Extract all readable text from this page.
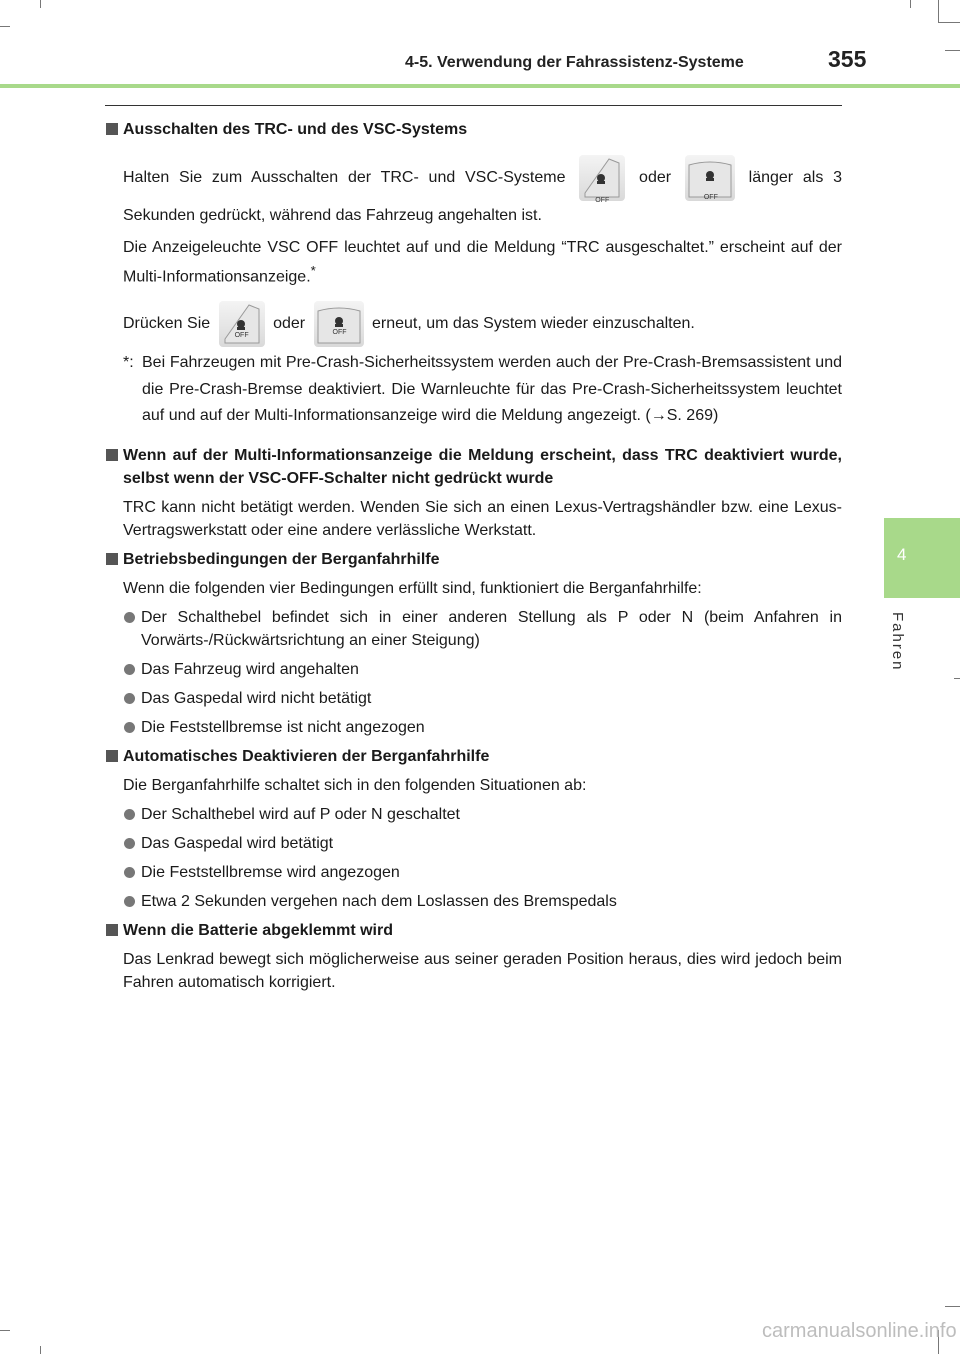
4-5. Verwendung der Fahrassistenz-Systeme	355
4
Fahren

Ausschalten des TRC- und des VSC-Systems

Halten Sie zum Ausschalten der TRC- und VSC-Systeme
OFF
oder
OFF
länger als 3 Sekunden gedrückt, während das Fahrzeug angehalten ist.

Die Anzeigeleuchte VSC OFF leuchtet auf und die Meldung “TRC ausgeschaltet.” erscheint auf der Multi-Informationsanzeige.*

Drücken Sie
OFF
oder
OFF
erneut, um das System wieder einzuschalten.

*: Bei Fahrzeugen mit Pre-Crash-Sicherheitssystem werden auch der Pre-Crash-Bremsassistent und die Pre-Crash-Bremse deaktiviert. Die Warnleuchte für das Pre-Crash-Sicherheitssystem leuchtet auf und auf der Multi-Informationsanzeige wird die Meldung angezeigt. (→S. 269)

Wenn auf der Multi-Informationsanzeige die Meldung erscheint, dass TRC deaktiviert wurde, selbst wenn der VSC-OFF-Schalter nicht gedrückt wurde

TRC kann nicht betätigt werden. Wenden Sie sich an einen Lexus-Vertragshändler bzw. eine Lexus-Vertragswerkstatt oder eine andere verlässliche Werkstatt.

Betriebsbedingungen der Berganfahrhilfe

Wenn die folgenden vier Bedingungen erfüllt sind, funktioniert die Berganfahrhilfe:

Der Schalthebel befindet sich in einer anderen Stellung als P oder N (beim Anfahren in Vorwärts-/Rückwärtsrichtung an einer Steigung)

Das Fahrzeug wird angehalten

Das Gaspedal wird nicht betätigt

Die Feststellbremse ist nicht angezogen

Automatisches Deaktivieren der Berganfahrhilfe

Die Berganfahrhilfe schaltet sich in den folgenden Situationen ab:

Der Schalthebel wird auf P oder N geschaltet

Das Gaspedal wird betätigt

Die Feststellbremse wird angezogen

Etwa 2 Sekunden vergehen nach dem Loslassen des Bremspedals

Wenn die Batterie abgeklemmt wird

Das Lenkrad bewegt sich möglicherweise aus seiner geraden Position heraus, dies wird jedoch beim Fahren automatisch korrigiert.

carmanualsonline.info
